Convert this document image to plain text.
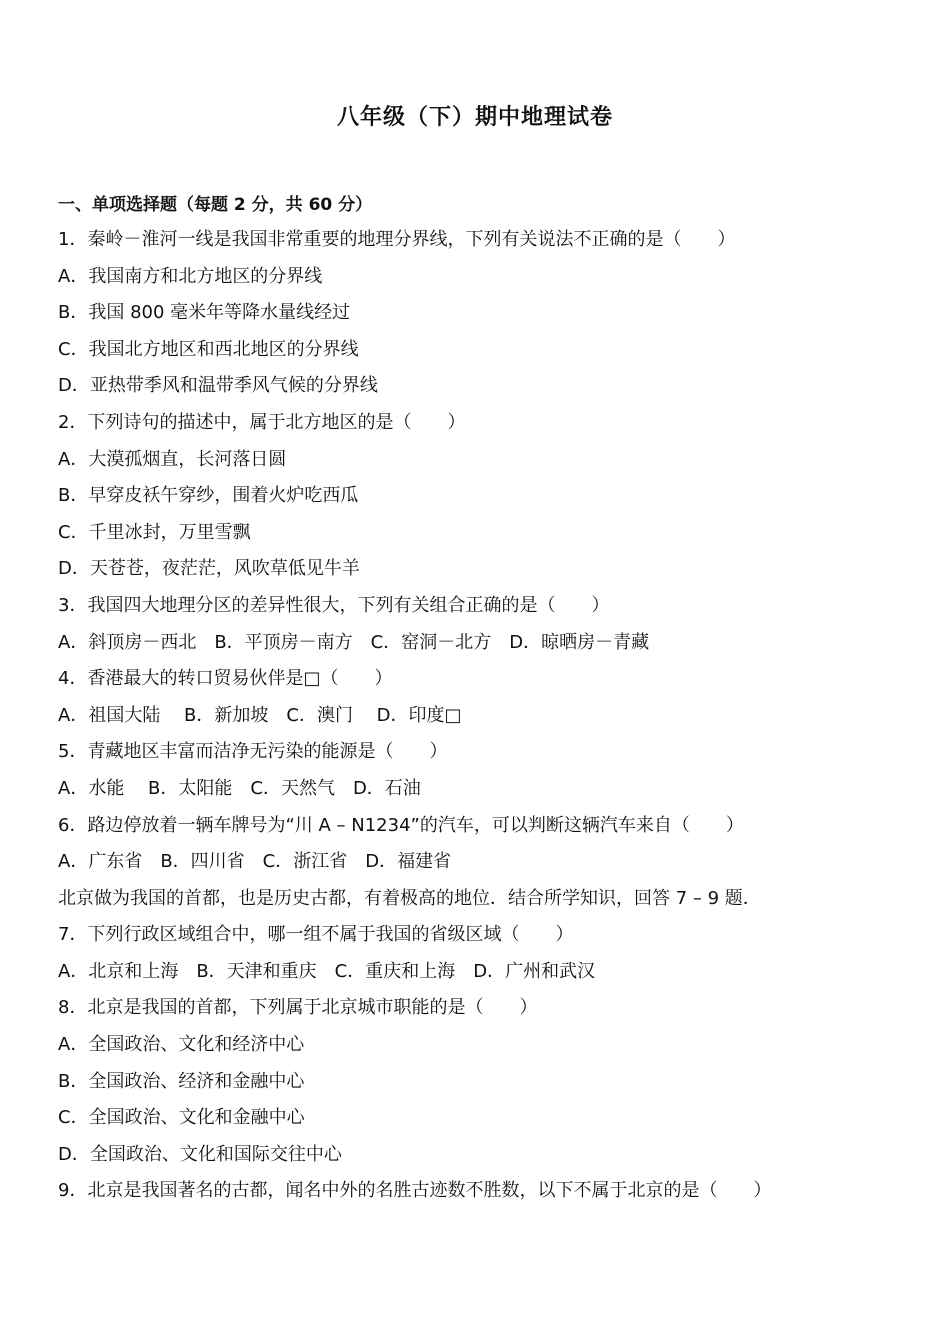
八年级（下）期中地理试卷
一、单项选择题（每题 2 分，共 60 分）
1．秦岭－淮河一线是我国非常重要的地理分界线，下列有关说法不正确的是（　　）
A．我国南方和北方地区的分界线
B．我国 800 毫米年等降水量线经过
C．我国北方地区和西北地区的分界线
D．亚热带季风和温带季风气候的分界线
2．下列诗句的描述中，属于北方地区的是（　　）
A．大漠孤烟直，长河落日圆
B．早穿皮袄午穿纱，围着火炉吃西瓜
C．千里冰封，万里雪飘
D．天苍苍，夜茫茫，风吹草低见牛羊
3．我国四大地理分区的差异性很大，下列有关组合正确的是（　　）
A．斜顶房－西北　B．平顶房－南方　C．窑洞－北方　D．晾晒房－青藏
4．香港最大的转口贸易伙伴是□（　　）
A．祖国大陆　 B．新加坡　C．澳门　 D．印度□
5．青藏地区丰富而洁净无污染的能源是（　　）
A．水能　 B．太阳能　C．天然气　D．石油
6．路边停放着一辆车牌号为“川 A – N1234”的汽车，可以判断这辆汽车来自（　　）
A．广东省　B．四川省　C．浙江省　D．福建省
北京做为我国的首都，也是历史古都，有着极高的地位．结合所学知识，回答 7 – 9 题．
7．下列行政区域组合中，哪一组不属于我国的省级区域（　　）
A．北京和上海　B．天津和重庆　C．重庆和上海　D．广州和武汉
8．北京是我国的首都，下列属于北京城市职能的是（　　）
A．全国政治、文化和经济中心
B．全国政治、经济和金融中心
C．全国政治、文化和金融中心
D．全国政治、文化和国际交往中心
9．北京是我国著名的古都，闻名中外的名胜古迹数不胜数，以下不属于北京的是（　　）
